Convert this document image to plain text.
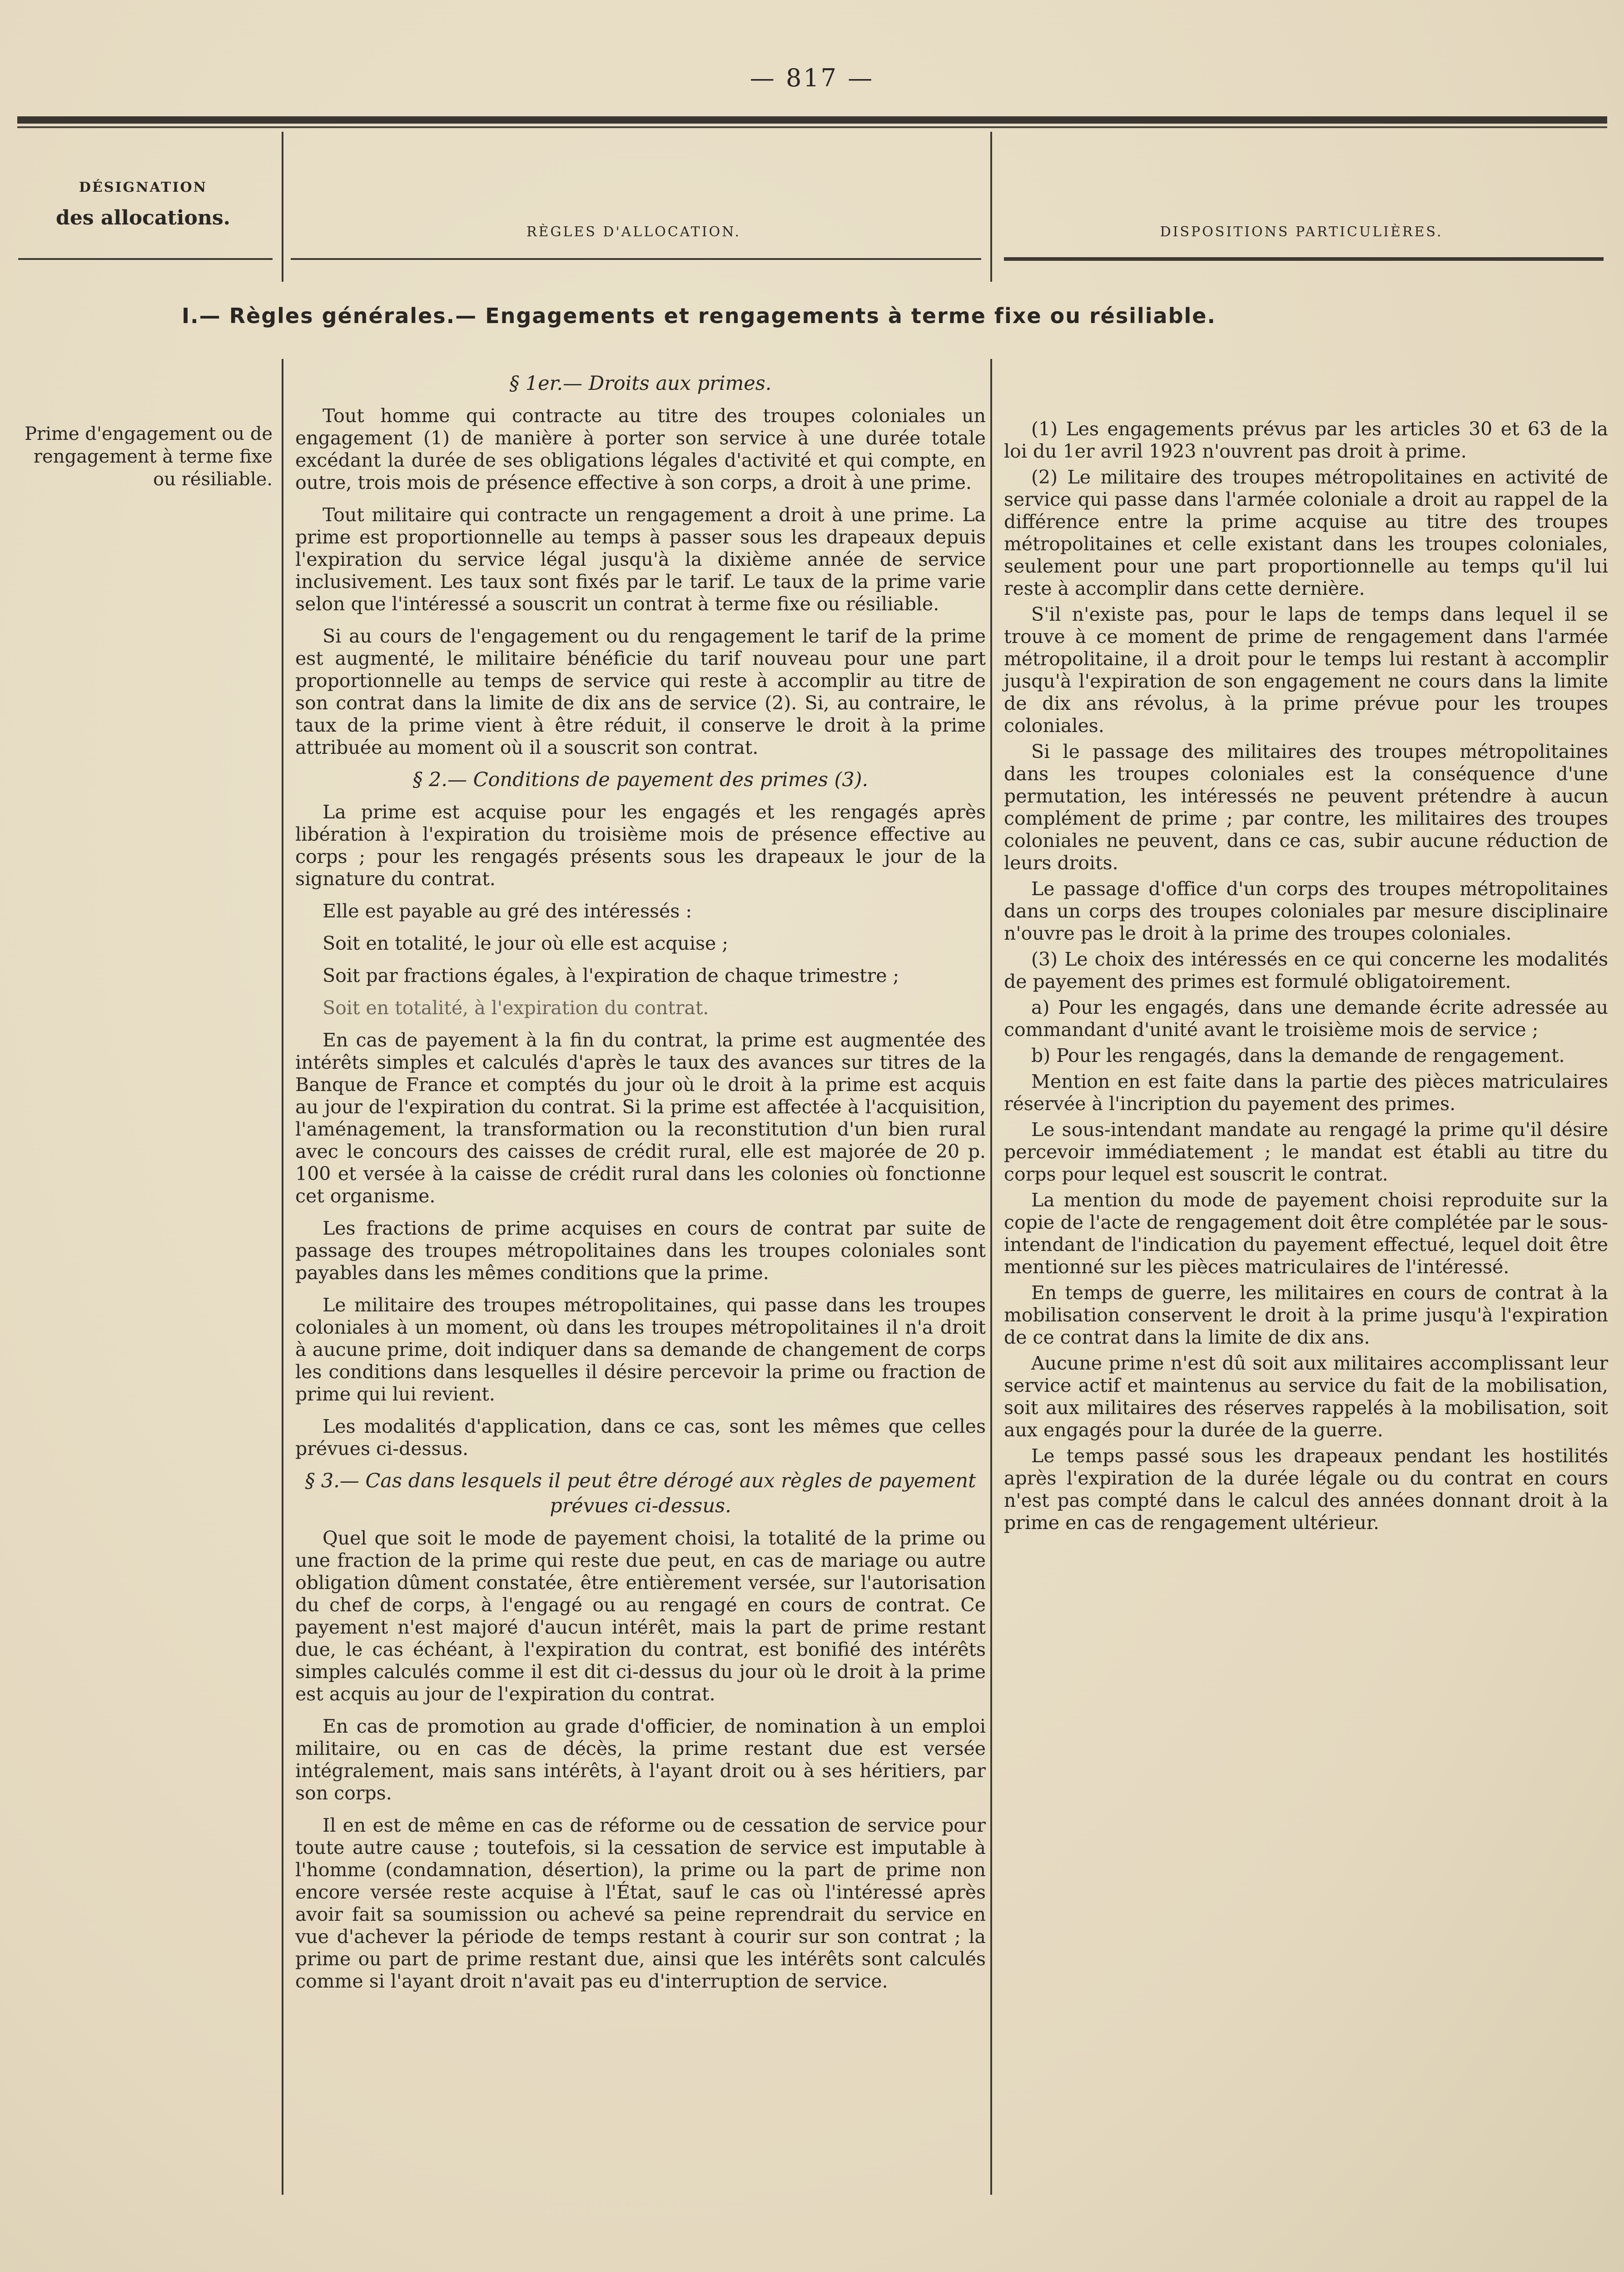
— 817 —
DÉSIGNATION
des allocations.
RÈGLES D'ALLOCATION.	DISPOSITIONS PARTICULIÈRES.
I.— Règles générales.— Engagements et rengagements à terme fixe ou résiliable.
Prime d'engagement ou de rengagement à terme fixe ou résiliable.

§ 1er.— Droits aux primes.

Tout homme qui contracte au titre des troupes coloniales un engagement (1) de manière à porter son service à une durée totale excédant la durée de ses obligations légales d'activité et qui compte, en outre, trois mois de présence effective à son corps, a droit à une prime.

Tout militaire qui contracte un rengagement a droit à une prime. La prime est proportionnelle au temps à passer sous les drapeaux depuis l'expiration du service légal jusqu'à la dixième année de service inclusivement. Les taux sont fixés par le tarif. Le taux de la prime varie selon que l'intéressé a souscrit un contrat à terme fixe ou résiliable.

Si au cours de l'engagement ou du rengagement le tarif de la prime est augmenté, le militaire bénéficie du tarif nouveau pour une part proportionnelle au temps de service qui reste à accomplir au titre de son contrat dans la limite de dix ans de service (2). Si, au contraire, le taux de la prime vient à être réduit, il conserve le droit à la prime attribuée au moment où il a souscrit son contrat.

§ 2.— Conditions de payement des primes (3).

La prime est acquise pour les engagés et les rengagés après libération à l'expiration du troisième mois de présence effective au corps ; pour les rengagés présents sous les drapeaux le jour de la signature du contrat.

Elle est payable au gré des intéressés :

Soit en totalité, le jour où elle est acquise ;

Soit par fractions égales, à l'expiration de chaque trimestre ;

Soit en totalité, à l'expiration du contrat.

En cas de payement à la fin du contrat, la prime est augmentée des intérêts simples et calculés d'après le taux des avances sur titres de la Banque de France et comptés du jour où le droit à la prime est acquis au jour de l'expiration du contrat. Si la prime est affectée à l'acquisition, l'aménagement, la transformation ou la reconstitution d'un bien rural avec le concours des caisses de crédit rural, elle est majorée de 20 p. 100 et versée à la caisse de crédit rural dans les colonies où fonctionne cet organisme.

Les fractions de prime acquises en cours de contrat par suite de passage des troupes métropolitaines dans les troupes coloniales sont payables dans les mêmes conditions que la prime.

Le militaire des troupes métropolitaines, qui passe dans les troupes coloniales à un moment, où dans les troupes métropolitaines il n'a droit à aucune prime, doit indiquer dans sa demande de changement de corps les conditions dans lesquelles il désire percevoir la prime ou fraction de prime qui lui revient.

Les modalités d'application, dans ce cas, sont les mêmes que celles prévues ci-dessus.

§ 3.— Cas dans lesquels il peut être dérogé aux règles de payement

prévues ci-dessus.

Quel que soit le mode de payement choisi, la totalité de la prime ou une fraction de la prime qui reste due peut, en cas de mariage ou autre obligation dûment constatée, être entièrement versée, sur l'autorisation du chef de corps, à l'engagé ou au rengagé en cours de contrat. Ce payement n'est majoré d'aucun intérêt, mais la part de prime restant due, le cas échéant, à l'expiration du contrat, est bonifié des intérêts simples calculés comme il est dit ci-dessus du jour où le droit à la prime est acquis au jour de l'expiration du contrat.

En cas de promotion au grade d'officier, de nomination à un emploi militaire, ou en cas de décès, la prime restant due est versée intégralement, mais sans intérêts, à l'ayant droit ou à ses héritiers, par son corps.

Il en est de même en cas de réforme ou de cessation de service pour toute autre cause ; toutefois, si la cessation de service est imputable à l'homme (condamnation, désertion), la prime ou la part de prime non encore versée reste acquise à l'État, sauf le cas où l'intéressé après avoir fait sa soumission ou achevé sa peine reprendrait du service en vue d'achever la période de temps restant à courir sur son contrat ; la prime ou part de prime restant due, ainsi que les intérêts sont calculés comme si l'ayant droit n'avait pas eu d'interruption de service.

(1) Les engagements prévus par les articles 30 et 63 de la loi du 1er avril 1923 n'ouvrent pas droit à prime.

(2) Le militaire des troupes métropolitaines en activité de service qui passe dans l'armée coloniale a droit au rappel de la différence entre la prime acquise au titre des troupes métropolitaines et celle existant dans les troupes coloniales, seulement pour une part proportionnelle au temps qu'il lui reste à accomplir dans cette dernière.

S'il n'existe pas, pour le laps de temps dans lequel il se trouve à ce moment de prime de rengagement dans l'armée métropolitaine, il a droit pour le temps lui restant à accomplir jusqu'à l'expiration de son engagement ne cours dans la limite de dix ans révolus, à la prime prévue pour les troupes coloniales.

Si le passage des militaires des troupes métropolitaines dans les troupes coloniales est la conséquence d'une permutation, les intéressés ne peuvent prétendre à aucun complément de prime ; par contre, les militaires des troupes coloniales ne peuvent, dans ce cas, subir aucune réduction de leurs droits.

Le passage d'office d'un corps des troupes métropolitaines dans un corps des troupes coloniales par mesure disciplinaire n'ouvre pas le droit à la prime des troupes coloniales.

(3) Le choix des intéressés en ce qui concerne les modalités de payement des primes est formulé obligatoirement.

a) Pour les engagés, dans une demande écrite adressée au commandant d'unité avant le troisième mois de service ;

b) Pour les rengagés, dans la demande de rengagement.

Mention en est faite dans la partie des pièces matriculaires réservée à l'incription du payement des primes.

Le sous-intendant mandate au rengagé la prime qu'il désire percevoir immédiatement ; le mandat est établi au titre du corps pour lequel est souscrit le contrat.

La mention du mode de payement choisi reproduite sur la copie de l'acte de rengagement doit être complétée par le sous-intendant de l'indication du payement effectué, lequel doit être mentionné sur les pièces matriculaires de l'intéressé.

En temps de guerre, les militaires en cours de contrat à la mobilisation conservent le droit à la prime jusqu'à l'expiration de ce contrat dans la limite de dix ans.

Aucune prime n'est dû soit aux militaires accomplissant leur service actif et maintenus au service du fait de la mobilisation, soit aux militaires des réserves rappelés à la mobilisation, soit aux engagés pour la durée de la guerre.

Le temps passé sous les drapeaux pendant les hostilités après l'expiration de la durée légale ou du contrat en cours n'est pas compté dans le calcul des années donnant droit à la prime en cas de rengagement ultérieur.
